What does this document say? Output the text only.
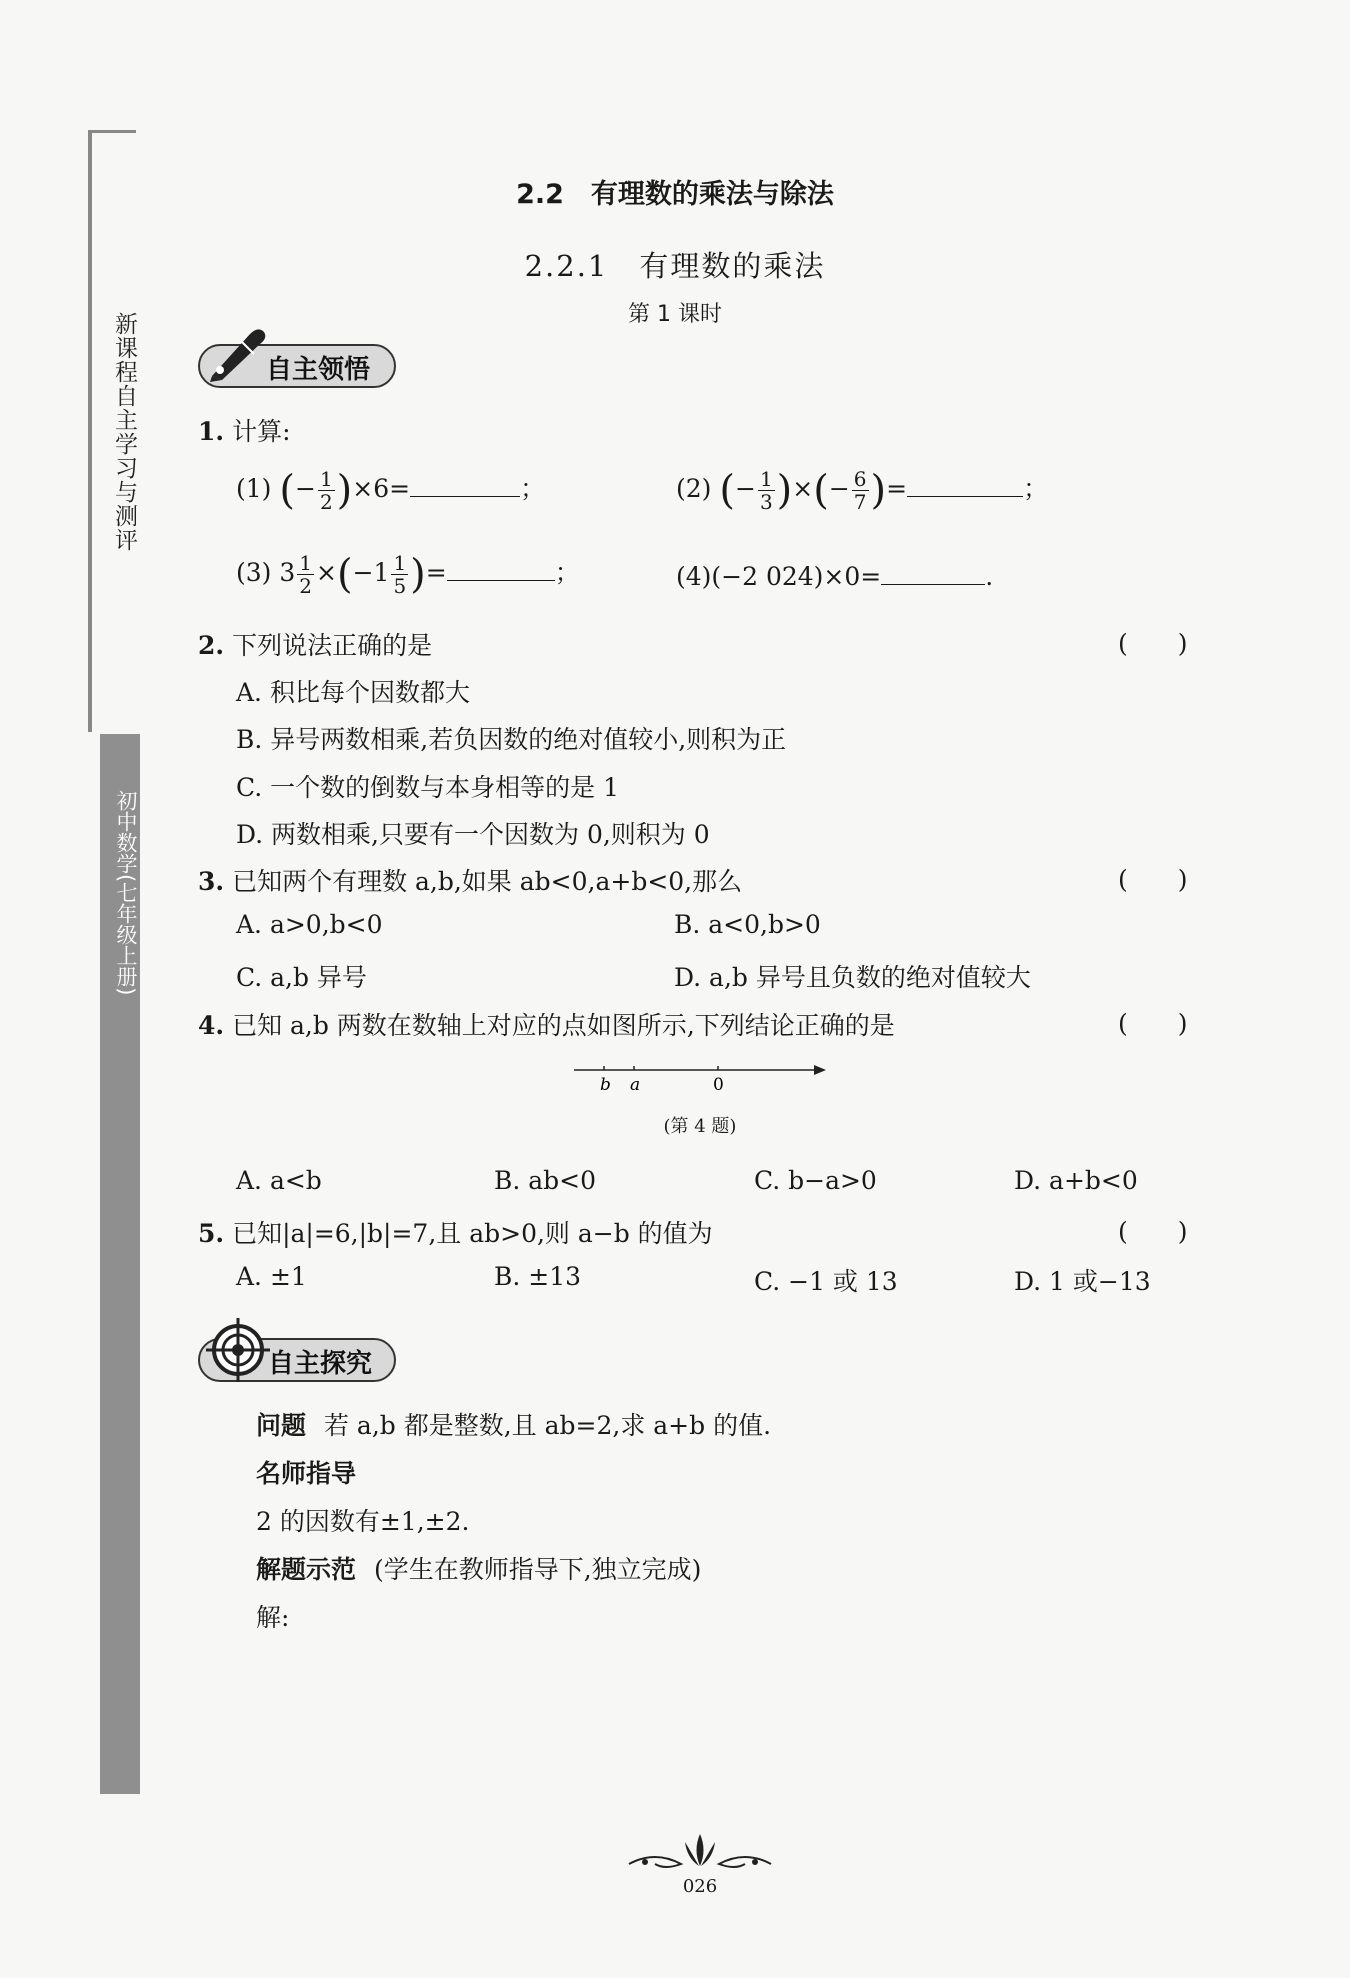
新课程自主学习与测评
初中数学(七年级上册)
2.2　有理数的乘法与除法
2.2.1　有理数的乘法
第 1 课时
自主领悟
1. 计算:
(1) (− $\frac{1}{2} )\times 6=$	；	(2) (− $\frac{1}{3}$ )×(− $\frac{6}{7}$ )=	；
(3) $3 \frac{1}{2} \times(-1 \frac{1}{5}$ )=	；	(4)(−2 024)×0=	.
2. 下列说法正确的是	(　　)
A. 积比每个因数都大
B. 异号两数相乘,若负因数的绝对值较小,则积为正
C. 一个数的倒数与本身相等的是 1
D. 两数相乘,只要有一个因数为 0,则积为 0
3. 已知两个有理数 a,b,如果 ab<0,a+b<0,那么	(　　)
A. a>0,b<0	B. a<0,b>0
C. a,b 异号	D. a,b 异号且负数的绝对值较大
4. 已知 a,b 两数在数轴上对应的点如图所示,下列结论正确的是	(　　)
b a	0
(第 4 题)
A. a<b	B. ab<0	C. b−a>0	D. a+b<0
5. 已知|a|=6,|b|=7,且 ab>0,则 a−b 的值为	(　　)
A. ±1	B. ±13	C. −1 或 13	D. 1 或−13
自主探究
问题 若 a,b 都是整数,且 ab=2,求 a+b 的值.
名师指导
2 的因数有±1,±2.
解题示范 (学生在教师指导下,独立完成)
解:
026
